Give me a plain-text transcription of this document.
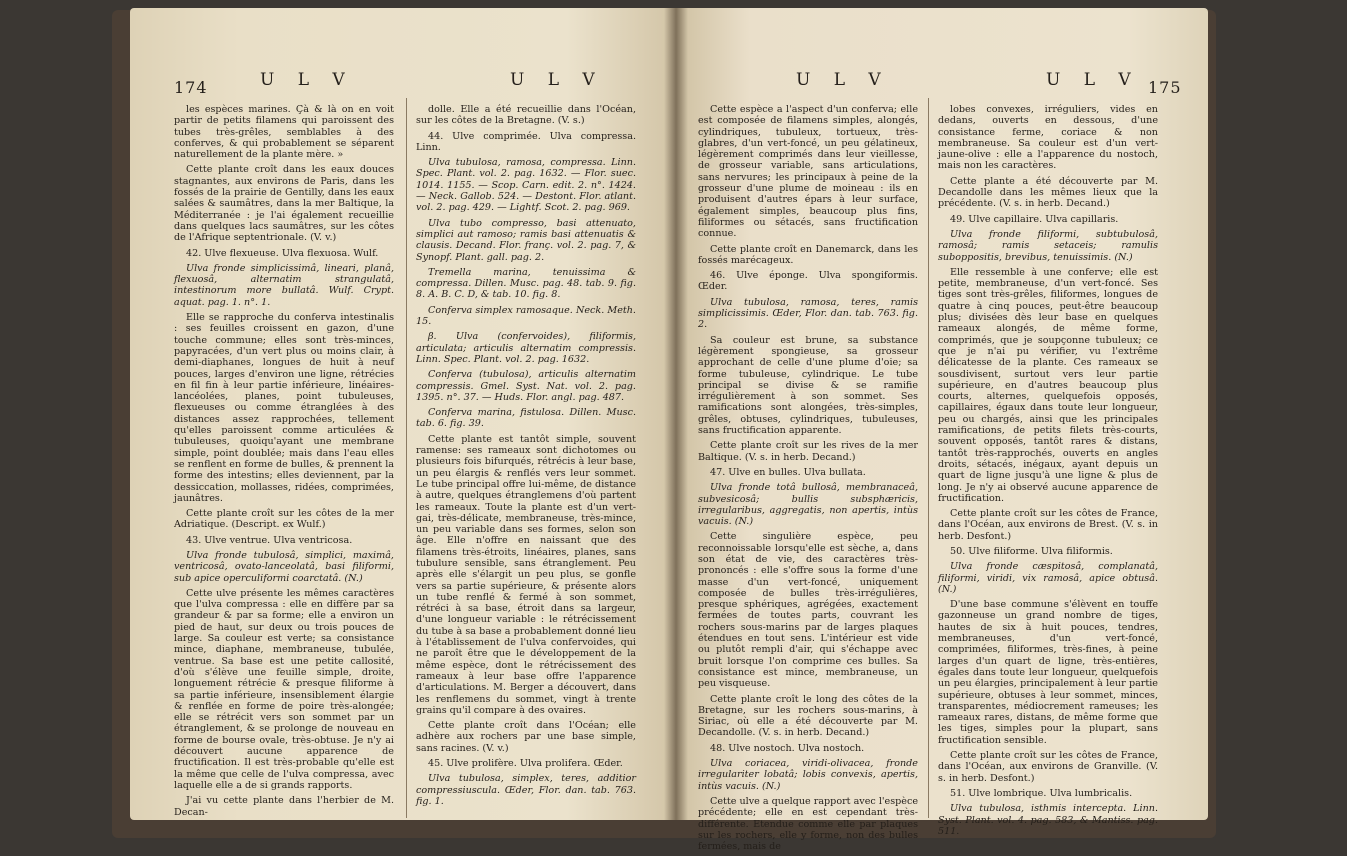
174	U L V	U L V

les espèces marines. Çà & là on en voit partir de petits filamens qui paroissent des tubes très-grêles, semblables à des conferves, & qui probablement se séparent naturellement de la plante mère. »

Cette plante croît dans les eaux douces stagnantes, aux environs de Paris, dans les fossés de la prairie de Gentilly, dans les eaux salées & saumâtres, dans la mer Baltique, la Méditerranée : je l'ai également recueillie dans quelques lacs saumâtres, sur les côtes de l'Afrique septentrionale. (V. v.)

42. Ulve flexueuse. Ulva flexuosa. Wulf.

Ulva fronde simplicissimâ, lineari, planâ, flexuosâ, alternatim strangulatâ, intestinorum more bullatâ. Wulf. Crypt. aquat. pag. 1. n°. 1.

Elle se rapproche du conferva intestinalis : ses feuilles croissent en gazon, d'une touche commune; elles sont très-minces, papyracées, d'un vert plus ou moins clair, à demi-diaphanes, longues de huit à neuf pouces, larges d'environ une ligne, rétrécies en fil fin à leur partie inférieure, linéaires-lancéolées, planes, point tubuleuses, flexueuses ou comme étranglées à des distances assez rapprochées, tellement qu'elles paroissent comme articulées & tubuleuses, quoiqu'ayant une membrane simple, point doublée; mais dans l'eau elles se renflent en forme de bulles, & prennent la forme des intestins; elles deviennent, par la dessiccation, mollasses, ridées, comprimées, jaunâtres.

Cette plante croît sur les côtes de la mer Adriatique. (Descript. ex Wulf.)

43. Ulve ventrue. Ulva ventricosa.

Ulva fronde tubulosâ, simplici, maximâ, ventricosâ, ovato-lanceolatâ, basi filiformi, sub apice operculiformi coarctatâ. (N.)

Cette ulve présente les mêmes caractères que l'ulva compressa : elle en diffère par sa grandeur & par sa forme; elle a environ un pied de haut, sur deux ou trois pouces de large. Sa couleur est verte; sa consistance mince, diaphane, membraneuse, tubulée, ventrue. Sa base est une petite callosité, d'où s'élève une feuille simple, droite, longuement rétrécie & presque filiforme à sa partie inférieure, insensiblement élargie & renflée en forme de poire très-alongée; elle se rétrécit vers son sommet par un étranglement, & se prolonge de nouveau en forme de bourse ovale, très-obtuse. Je n'y ai découvert aucune apparence de fructification. Il est très-probable qu'elle est la même que celle de l'ulva compressa, avec laquelle elle a de si grands rapports.

J'ai vu cette plante dans l'herbier de M. Decan-

dolle. Elle a été recueillie dans l'Océan, sur les côtes de la Bretagne. (V. s.)

44. Ulve comprimée. Ulva compressa. Linn.

Ulva tubulosa, ramosa, compressa. Linn. Spec. Plant. vol. 2. pag. 1632. — Flor. suec. 1014. 1155. — Scop. Carn. edit. 2. n°. 1424. — Neck. Gallob. 524. — Destont. Flor. atlant. vol. 2. pag. 429. — Lightf. Scot. 2. pag. 969.

Ulva tubo compresso, basi attenuato, simplici aut ramoso; ramis basi attenuatis & clausis. Decand. Flor. franç. vol. 2. pag. 7, & Synopf. Plant. gall. pag. 2.

Tremella marina, tenuissima & compressa. Dillen. Musc. pag. 48. tab. 9. fig. 8. A. B. C. D, & tab. 10. fig. 8.

Conferva simplex ramosaque. Neck. Meth. 15.

β. Ulva (confervoides), filiformis, articulata; articulis alternatim compressis. Linn. Spec. Plant. vol. 2. pag. 1632.

Conferva (tubulosa), articulis alternatim compressis. Gmel. Syst. Nat. vol. 2. pag. 1395. n°. 37. — Huds. Flor. angl. pag. 487.

Conferva marina, fistulosa. Dillen. Musc. tab. 6. fig. 39.

Cette plante est tantôt simple, souvent ramense: ses rameaux sont dichotomes ou plusieurs fois bifurqués, rétrécis à leur base, un peu élargis & renflés vers leur sommet. Le tube principal offre lui-même, de distance à autre, quelques étranglemens d'où partent les rameaux. Toute la plante est d'un vert-gai, très-délicate, membraneuse, très-mince, un peu variable dans ses formes, selon son âge. Elle n'offre en naissant que des filamens très-étroits, linéaires, planes, sans tubulure sensible, sans étranglement. Peu après elle s'élargit un peu plus, se gonfle vers sa partie supérieure, & présente alors un tube renflé & fermé à son sommet, rétréci à sa base, étroit dans sa largeur, d'une longueur variable : le rétrécissement du tube à sa base a probablement donné lieu à l'établissement de l'ulva confervoides, qui ne paroît être que le développement de la même espèce, dont le rétrécissement des rameaux à leur base offre l'apparence d'articulations. M. Berger a découvert, dans les renflemens du sommet, vingt à trente grains qu'il compare à des ovaires.

Cette plante croît dans l'Océan; elle adhère aux rochers par une base simple, sans racines. (V. v.)

45. Ulve prolifère. Ulva prolifera. Œder.

Ulva tubulosa, simplex, teres, additior compressiuscula. Œder, Flor. dan. tab. 763. fig. 1.

U L V	U L V 175

Cette espèce a l'aspect d'un conferva; elle est composée de filamens simples, alongés, cylindriques, tubuleux, tortueux, très-glabres, d'un vert-foncé, un peu gélatineux, légèrement comprimés dans leur vieillesse, de grosseur variable, sans articulations, sans nervures; les principaux à peine de la grosseur d'une plume de moineau : ils en produisent d'autres épars à leur surface, également simples, beaucoup plus fins, filiformes ou sétacés, sans fructification connue.

Cette plante croît en Danemarck, dans les fossés marécageux.

46. Ulve éponge. Ulva spongiformis. Œder.

Ulva tubulosa, ramosa, teres, ramis simplicissimis. Œder, Flor. dan. tab. 763. fig. 2.

Sa couleur est brune, sa substance légèrement spongieuse, sa grosseur approchant de celle d'une plume d'oie; sa forme tubuleuse, cylindrique. Le tube principal se divise & se ramifie irrégulièrement à son sommet. Ses ramifications sont alongées, très-simples, grêles, obtuses, cylindriques, tubuleuses, sans fructification apparente.

Cette plante croît sur les rives de la mer Baltique. (V. s. in herb. Decand.)

47. Ulve en bulles. Ulva bullata.

Ulva fronde totâ bullosâ, membranaceâ, subvesicosâ; bullis subsphæricis, irregularibus, aggregatis, non apertis, intùs vacuis. (N.)

Cette singulière espèce, peu reconnoissable lorsqu'elle est sèche, a, dans son état de vie, des caractères très-prononcés : elle s'offre sous la forme d'une masse d'un vert-foncé, uniquement composée de bulles très-irrégulières, presque sphériques, agrégées, exactement fermées de toutes parts, couvrant les rochers sous-marins par de larges plaques étendues en tout sens. L'intérieur est vide ou plutôt rempli d'air, qui s'échappe avec bruit lorsque l'on comprime ces bulles. Sa consistance est mince, membraneuse, un peu visqueuse.

Cette plante croît le long des côtes de la Bretagne, sur les rochers sous-marins, à Siriac, où elle a été découverte par M. Decandolle. (V. s. in herb. Decand.)

48. Ulve nostoch. Ulva nostoch.

Ulva coriacea, viridi-olivacea, fronde irregulariter lobatâ; lobis convexis, apertis, intùs vacuis. (N.)

Cette ulve a quelque rapport avec l'espèce précédente; elle en est cependant très-différente. Etendue comme elle par plaques sur les rochers, elle y forme, non des bulles fermées, mais de

lobes convexes, irréguliers, vides en dedans, ouverts en dessous, d'une consistance ferme, coriace & non membraneuse. Sa couleur est d'un vert-jaune-olive : elle a l'apparence du nostoch, mais non les caractères.

Cette plante a été découverte par M. Decandolle dans les mêmes lieux que la précédente. (V. s. in herb. Decand.)

49. Ulve capillaire. Ulva capillaris.

Ulva fronde filiformi, subtubulosâ, ramosâ; ramis setaceis; ramulis suboppositis, brevibus, tenuissimis. (N.)

Elle ressemble à une conferve; elle est petite, membraneuse, d'un vert-foncé. Ses tiges sont très-grêles, filiformes, longues de quatre à cinq pouces, peut-être beaucoup plus; divisées dès leur base en quelques rameaux alongés, de même forme, comprimés, que je soupçonne tubuleux; ce que je n'ai pu vérifier, vu l'extrême délicatesse de la plante. Ces rameaux se sousdivisent, surtout vers leur partie supérieure, en d'autres beaucoup plus courts, alternes, quelquefois opposés, capillaires, égaux dans toute leur longueur, peu ou chargés, ainsi que les principales ramifications, de petits filets très-courts, souvent opposés, tantôt rares & distans, tantôt très-rapprochés, ouverts en angles droits, sétacés, inégaux, ayant depuis un quart de ligne jusqu'à une ligne & plus de long. Je n'y ai observé aucune apparence de fructification.

Cette plante croît sur les côtes de France, dans l'Océan, aux environs de Brest. (V. s. in herb. Desfont.)

50. Ulve filiforme. Ulva filiformis.

Ulva fronde cæspitosâ, complanatâ, filiformi, viridi, vix ramosâ, apice obtusâ. (N.)

D'une base commune s'élèvent en touffe gazonneuse un grand nombre de tiges, hautes de six à huit pouces, tendres, membraneuses, d'un vert-foncé, comprimées, filiformes, très-fines, à peine larges d'un quart de ligne, très-entières, égales dans toute leur longueur, quelquefois un peu élargies, principalement à leur partie supérieure, obtuses à leur sommet, minces, transparentes, médiocrement rameuses; les rameaux rares, distans, de même forme que les tiges, simples pour la plupart, sans fructification sensible.

Cette plante croît sur les côtes de France, dans l'Océan, aux environs de Granville. (V. s. in herb. Desfont.)

51. Ulve lombrique. Ulva lumbricalis.

Ulva tubulosa, isthmis intercepta. Linn. Syst. Plant. vol. 4. pag. 583, & Mantiss. pag. 511.
